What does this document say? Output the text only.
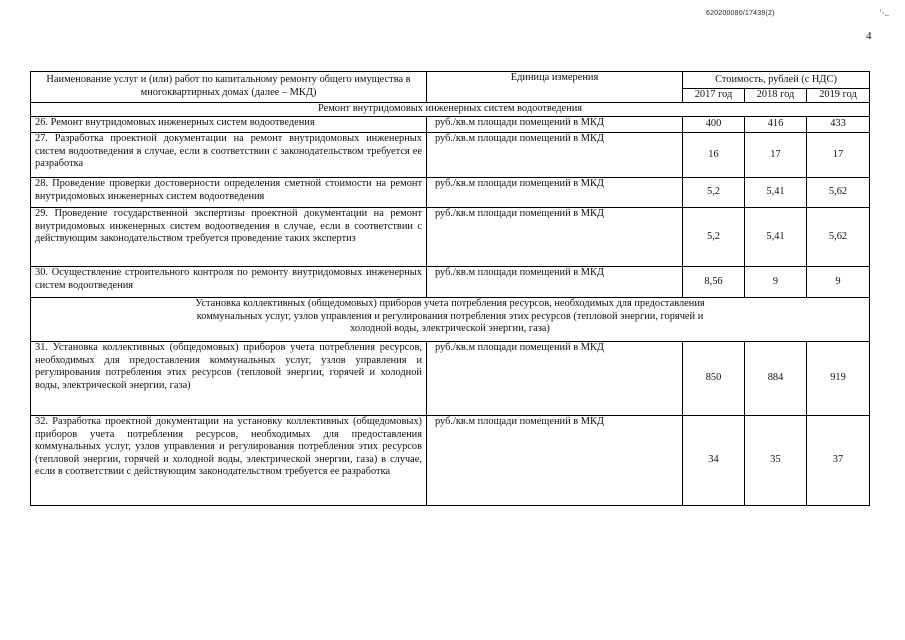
620200080/17439(2)	'·..
4
Наименование услуг и (или) работ по капитальному ремонту общего имущества в многоквартирных домах (далее – МКД)	Единица измерения	Стоимость, рублей (с НДС)		
		2017 год	2018 год	2019 год
Ремонт внутридомовых инженерных систем водоотведения				
26. Ремонт внутридомовых инженерных систем водоотведения	руб./кв.м площади помещений в МКД	400	416	433
27. Разработка проектной документации на ремонт внутридомовых инженерных систем водоотведения в случае, если в соответствии с законодательством требуется ее разработка	руб./кв.м площади помещений в МКД	16	17	17
28. Проведение проверки достоверности определения сметной стоимости на ремонт внутридомовых инженерных систем водоотведения	руб./кв.м площади помещений в МКД	5,2	5,41	5,62
29. Проведение государственной экспертизы проектной документации на ремонт внутридомовых инженерных систем водоотведения в случае, если в соответствии с действующим законодательством требуется проведение таких экспертиз	руб./кв.м площади помещений в МКД	5,2	5,41	5,62
30. Осуществление строительного контроля по ремонту внутридомовых инженерных систем водоотведения	руб./кв.м площади помещений в МКД	8,56	9	9
Установка коллективных (общедомовых) приборов учета потребления ресурсов, необходимых для предоставления коммунальных услуг, узлов управления и регулирования потребления этих ресурсов (тепловой энергии, горячей и холодной воды, электрической энергии, газа)				
31. Установка коллективных (общедомовых) приборов учета потребления ресурсов, необходимых для предоставления коммунальных услуг, узлов управления и регулирования потребления этих ресурсов (тепловой энергии, горячей и холодной воды, электрической энергии, газа)	руб./кв.м площади помещений в МКД	850	884	919
32. Разработка проектной документации на установку коллективных (общедомовых) приборов учета потребления ресурсов, необходимых для предоставления коммунальных услуг, узлов управления и регулирования потребления этих ресурсов (тепловой энергии, горячей и холодной воды, электрической энергии, газа) в случае, если в соответствии с действующим законодательством требуется ее разработка	руб./кв.м площади помещений в МКД	34	35	37
